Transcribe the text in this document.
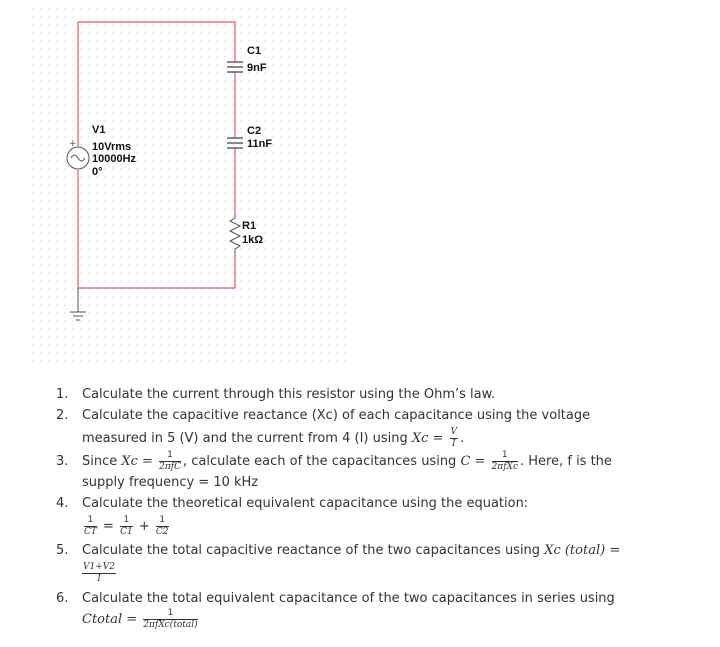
+
V1
10Vrms
10000Hz
0°
C1
9nF
C2
11nF
R1
1kΩ
1. Calculate the current through this resistor using the Ohm’s law.
2. Calculate the capacitive reactance (Xc) of each capacitance using the voltage
measured in 5 (V) and the current from 4 (I) using $Xc = \frac{V}{I}$ .
3. Since $Xc = \frac{1}{\text{2πfC}}$ , calculate each of the capacitances using $C = \frac{1}{\text{2πfXc}}$ . Here, f is the
supply frequency = 10 kHz
4. Calculate the theoretical equivalent capacitance using the equation:
$\frac{1}{CT} = \frac{1}{C1} + \frac{1}{C2}$
5. Calculate the total capacitive reactance of the two capacitances using Xc (total) =
$\frac{V1+V2}{I}$
6. Calculate the total equivalent capacitance of the two capacitances in series using
Ctotal = $\frac{1}{\text{2πfXc(total)}}$
